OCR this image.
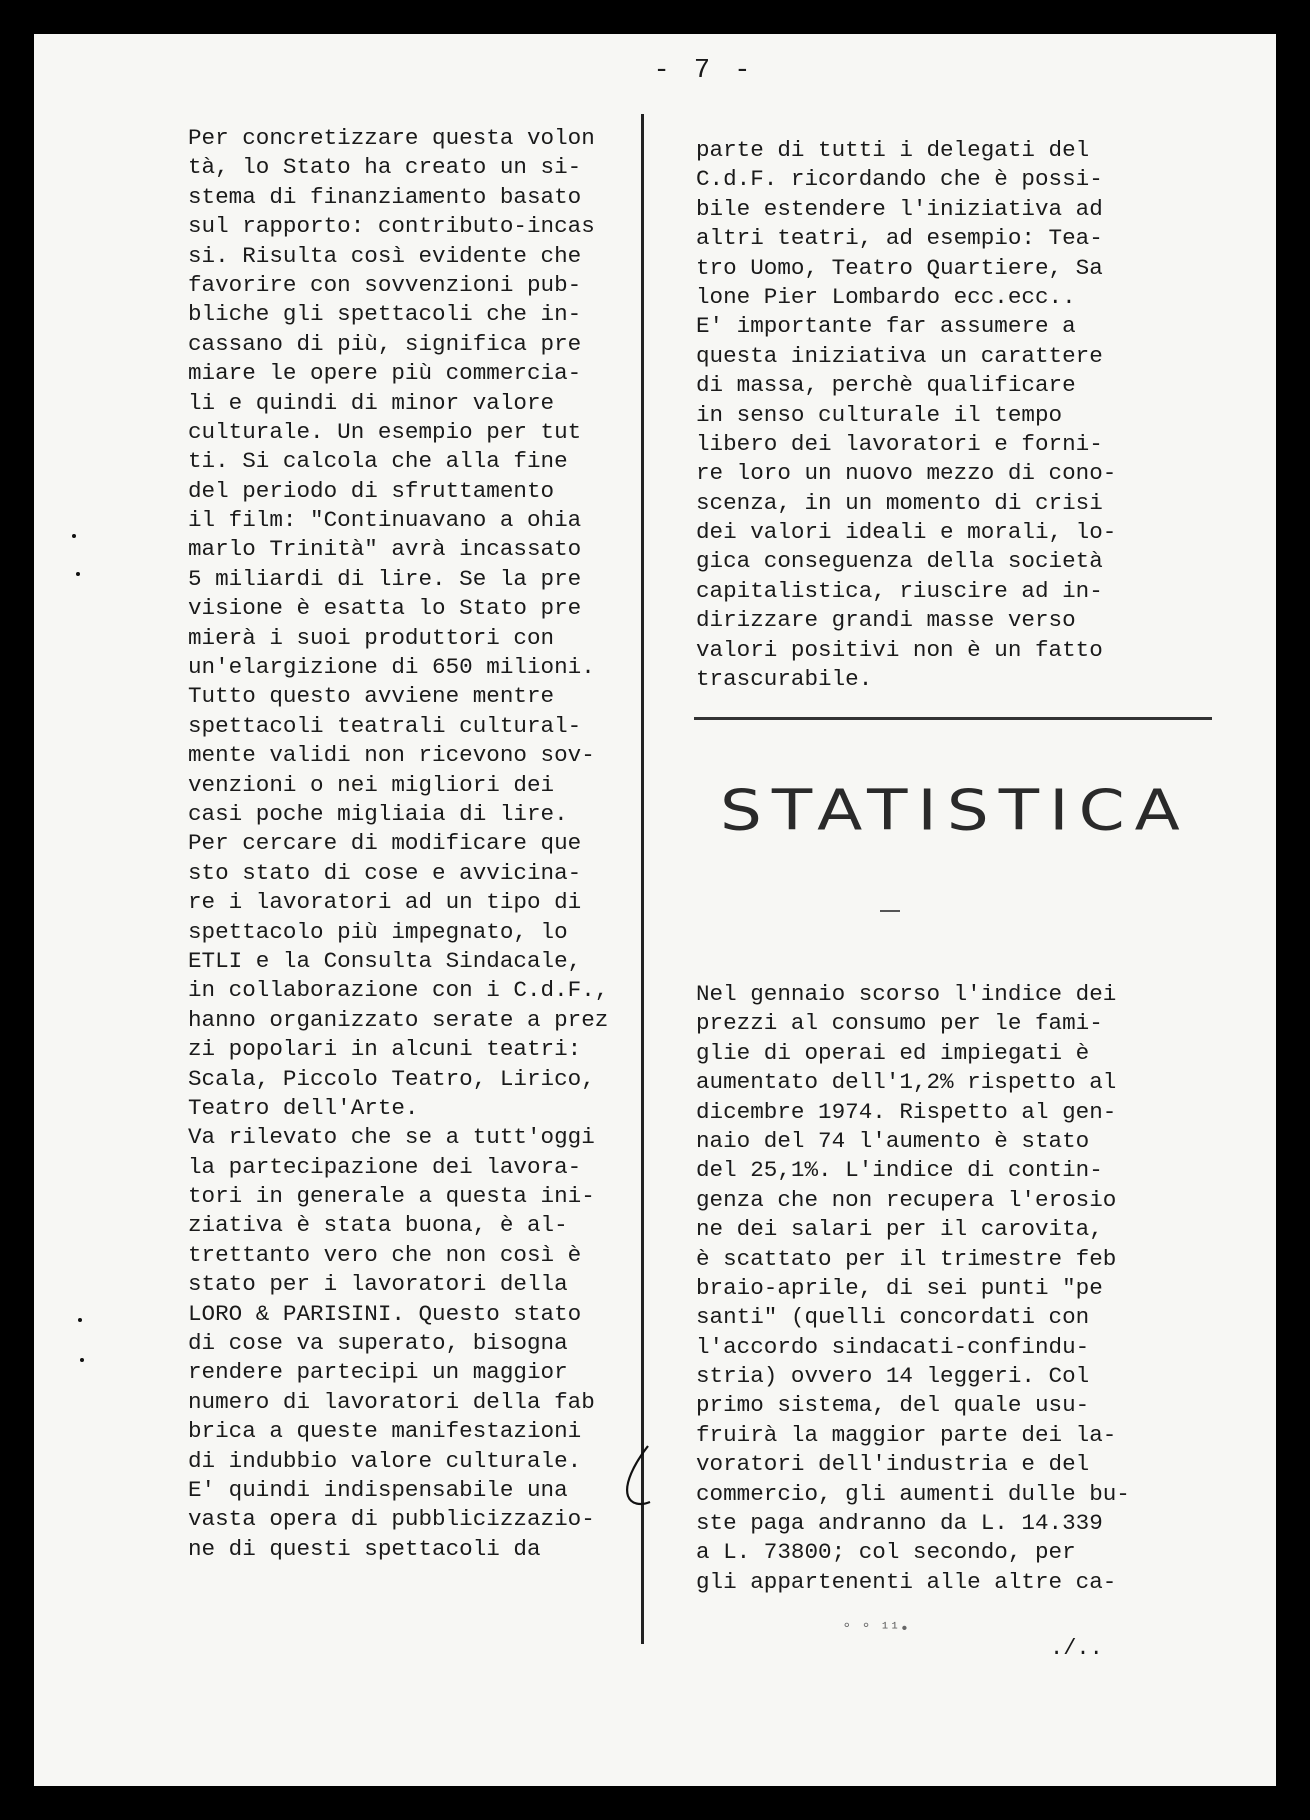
- 7 -
Per concretizzare questa volon
tà, lo Stato ha creato un si-
stema di finanziamento basato
sul rapporto: contributo-incas
si. Risulta così evidente che
favorire con sovvenzioni pub-
bliche gli spettacoli che in-
cassano di più, significa pre
miare le opere più commercia-
li e quindi di minor valore
culturale. Un esempio per tut
ti. Si calcola che alla fine
del periodo di sfruttamento
il film: "Continuavano a ohia
marlo Trinità" avrà incassato
5 miliardi di lire. Se la pre
visione è esatta lo Stato pre
mierà i suoi produttori con
un'elargizione di 650 milioni.
Tutto questo avviene mentre
spettacoli teatrali cultural-
mente validi non ricevono sov-
venzioni o nei migliori dei
casi poche migliaia di lire.
Per cercare di modificare que
sto stato di cose e avvicina-
re i lavoratori ad un tipo di
spettacolo più impegnato, lo
ETLI e la Consulta Sindacale,
in collaborazione con i C.d.F.,
hanno organizzato serate a prez
zi popolari in alcuni teatri:
Scala, Piccolo Teatro, Lirico,
Teatro dell'Arte.
Va rilevato che se a tutt'oggi
la partecipazione dei lavora-
tori in generale a questa ini-
ziativa è stata buona, è al-
trettanto vero che non così è
stato per i lavoratori della
LORO & PARISINI. Questo stato
di cose va superato, bisogna
rendere partecipi un maggior
numero di lavoratori della fab
brica a queste manifestazioni
di indubbio valore culturale.
E' quindi indispensabile una
vasta opera di pubblicizzazio-
ne di questi spettacoli da
parte di tutti i delegati del
C.d.F. ricordando che è possi-
bile estendere l'iniziativa ad
altri teatri, ad esempio: Tea-
tro Uomo, Teatro Quartiere, Sa
lone Pier Lombardo ecc.ecc..
E' importante far assumere a
questa iniziativa un carattere
di massa, perchè qualificare
in senso culturale il tempo
libero dei lavoratori e forni-
re loro un nuovo mezzo di cono-
scenza, in un momento di crisi
dei valori ideali e morali, lo-
gica conseguenza della società
capitalistica, riuscire ad in-
dirizzare grandi masse verso
valori positivi non è un fatto
trascurabile.
STATISTICA
Nel gennaio scorso l'indice dei
prezzi al consumo per le fami-
glie di operai ed impiegati è
aumentato dell'1,2% rispetto al
dicembre 1974. Rispetto al gen-
naio del 74 l'aumento è stato
del 25,1%. L'indice di contin-
genza che non recupera l'erosio
ne dei salari per il carovita,
è scattato per il trimestre feb
braio-aprile, di sei punti "pe
santi" (quelli concordati con
l'accordo sindacati-confindu-
stria) ovvero 14 leggeri. Col
primo sistema, del quale usu-
fruirà la maggior parte dei la-
voratori dell'industria e del
commercio, gli aumenti dulle bu-
ste paga andranno da L. 14.339
a L. 73800; col secondo, per
gli appartenenti alle altre ca-
° ° ¹¹•
./..
